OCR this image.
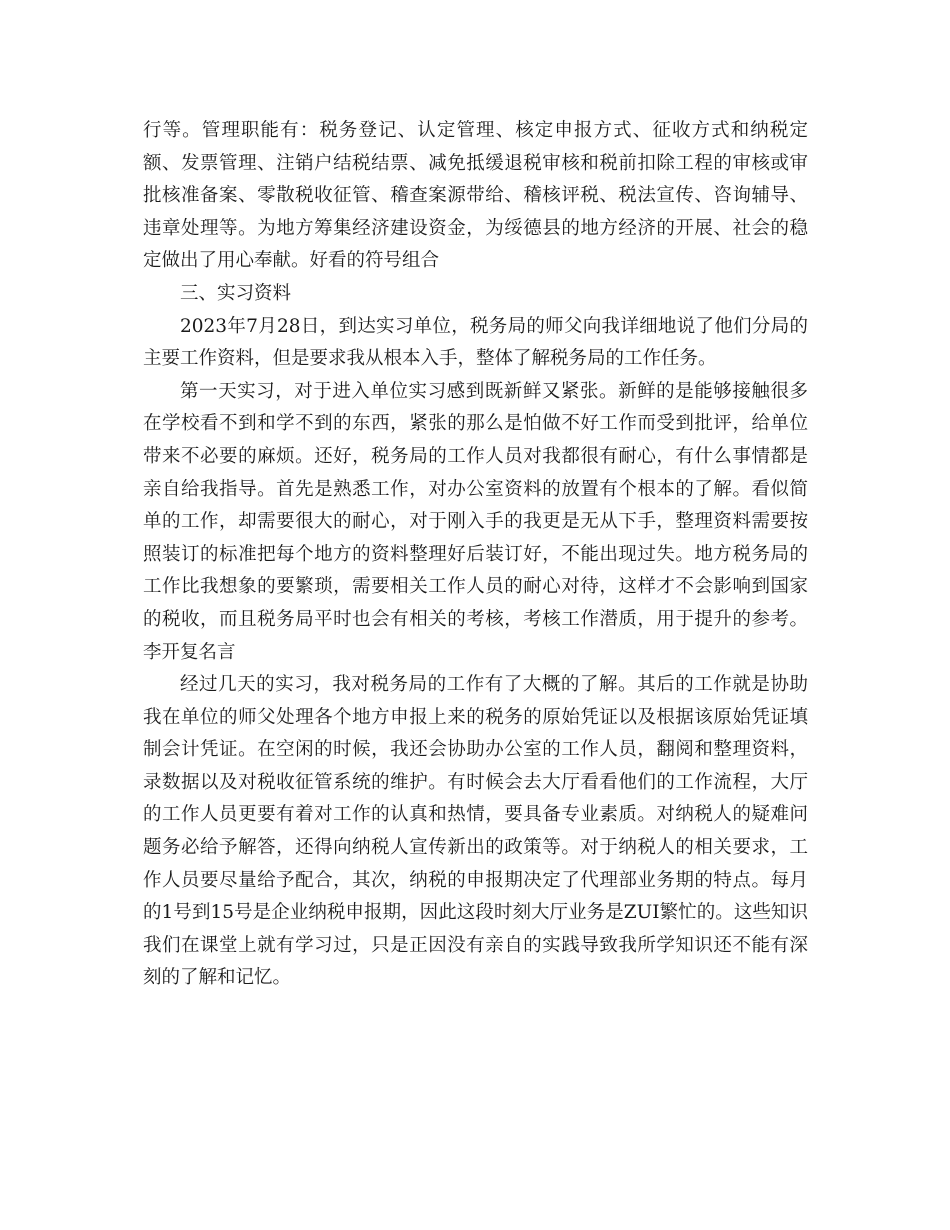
行等。管理职能有：税务登记、认定管理、核定申报方式、征收方式和纳税定额、发票管理、注销户结税结票、减免抵缓退税审核和税前扣除工程的审核或审批核准备案、零散税收征管、稽查案源带给、稽核评税、税法宣传、咨询辅导、违章处理等。为地方筹集经济建设资金，为绥德县的地方经济的开展、社会的稳定做出了用心奉献。好看的符号组合

三、实习资料

2023年7月28日，到达实习单位，税务局的师父向我详细地说了他们分局的主要工作资料，但是要求我从根本入手，整体了解税务局的工作任务。

第一天实习，对于进入单位实习感到既新鲜又紧张。新鲜的是能够接触很多在学校看不到和学不到的东西，紧张的那么是怕做不好工作而受到批评，给单位带来不必要的麻烦。还好，税务局的工作人员对我都很有耐心，有什么事情都是亲自给我指导。首先是熟悉工作，对办公室资料的放置有个根本的了解。看似简单的工作，却需要很大的耐心，对于刚入手的我更是无从下手，整理资料需要按照装订的标准把每个地方的资料整理好后装订好，不能出现过失。地方税务局的工作比我想象的要繁琐，需要相关工作人员的耐心对待，这样才不会影响到国家的税收，而且税务局平时也会有相关的考核，考核工作潜质，用于提升的参考。李开复名言

经过几天的实习，我对税务局的工作有了大概的了解。其后的工作就是协助我在单位的师父处理各个地方申报上来的税务的原始凭证以及根据该原始凭证填制会计凭证。在空闲的时候，我还会协助办公室的工作人员，翻阅和整理资料，录数据以及对税收征管系统的维护。有时候会去大厅看看他们的工作流程，大厅的工作人员更要有着对工作的认真和热情，要具备专业素质。对纳税人的疑难问题务必给予解答，还得向纳税人宣传新出的政策等。对于纳税人的相关要求，工作人员要尽量给予配合，其次，纳税的申报期决定了代理部业务期的特点。每月的1号到15号是企业纳税申报期，因此这段时刻大厅业务是ZUI繁忙的。这些知识我们在课堂上就有学习过，只是正因没有亲自的实践导致我所学知识还不能有深刻的了解和记忆。
